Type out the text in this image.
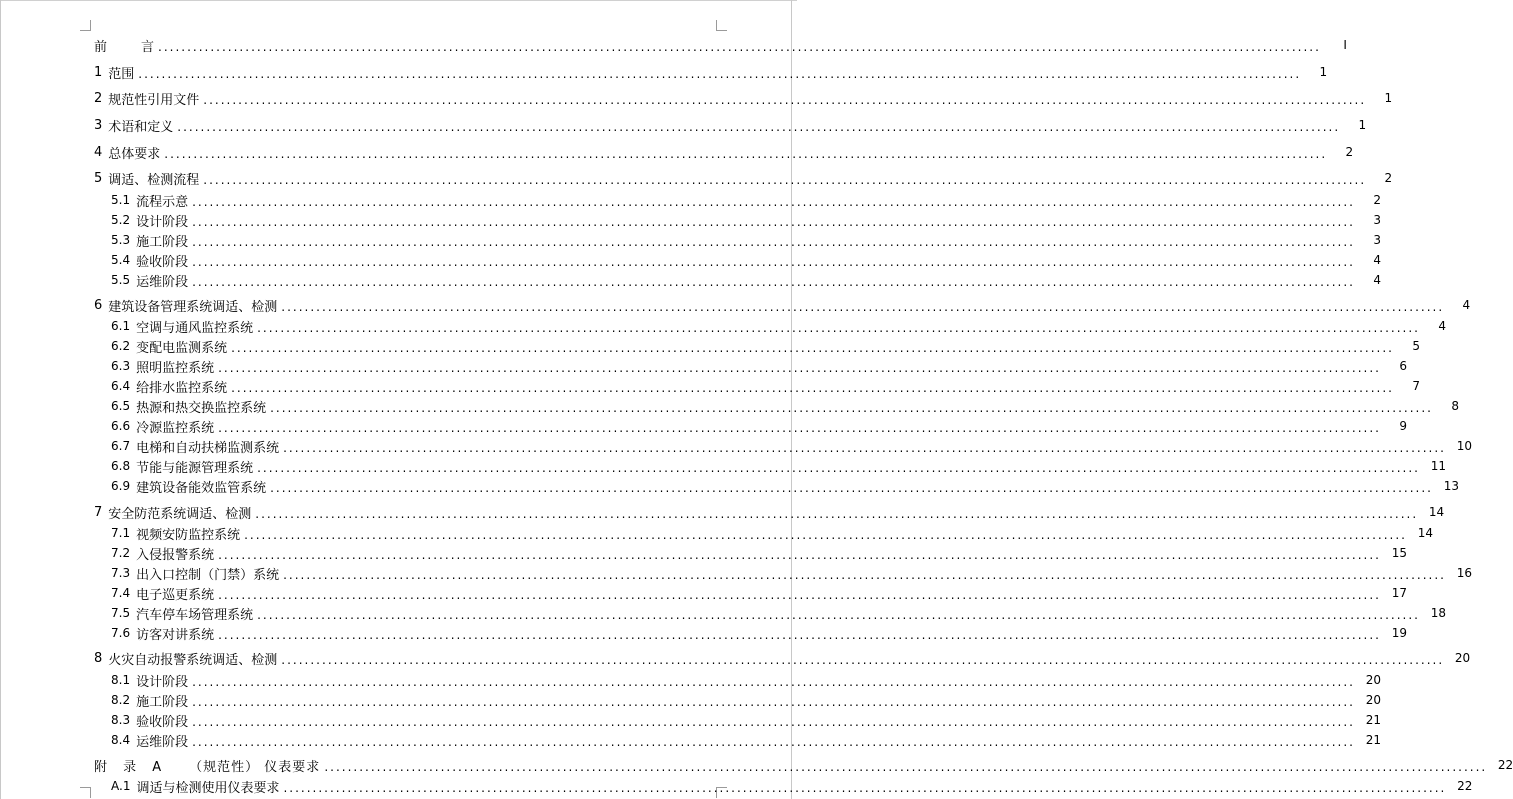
前	言 ........................................................................................................................................................................................................	I
1 范围 ........................................................................................................................................................................................................	1
2 规范性引用文件 ........................................................................................................................................................................................................	1
3 术语和定义 ........................................................................................................................................................................................................	1
4 总体要求 ........................................................................................................................................................................................................	2
5 调适、检测流程 ........................................................................................................................................................................................................	2
5.1 流程示意 ........................................................................................................................................................................................................	2
5.2 设计阶段 ........................................................................................................................................................................................................	3
5.3 施工阶段 ........................................................................................................................................................................................................	3
5.4 验收阶段 ........................................................................................................................................................................................................	4
5.5 运维阶段 ........................................................................................................................................................................................................	4
6 建筑设备管理系统调适、检测 ........................................................................................................................................................................................................	4
6.1 空调与通风监控系统 ........................................................................................................................................................................................................	4
6.2 变配电监测系统 ........................................................................................................................................................................................................	5
6.3 照明监控系统 ........................................................................................................................................................................................................	6
6.4 给排水监控系统 ........................................................................................................................................................................................................	7
6.5 热源和热交换监控系统 ........................................................................................................................................................................................................	8
6.6 冷源监控系统 ........................................................................................................................................................................................................	9
6.7 电梯和自动扶梯监测系统 ........................................................................................................................................................................................................ 10
6.8 节能与能源管理系统 ........................................................................................................................................................................................................ 11
6.9 建筑设备能效监管系统 ........................................................................................................................................................................................................ 13
7 安全防范系统调适、检测 ........................................................................................................................................................................................................ 14
7.1 视频安防监控系统 ........................................................................................................................................................................................................ 14
7.2 入侵报警系统 ........................................................................................................................................................................................................ 15
7.3 出入口控制（门禁）系统 ........................................................................................................................................................................................................ 16
7.4 电子巡更系统 ........................................................................................................................................................................................................ 17
7.5 汽车停车场管理系统 ........................................................................................................................................................................................................ 18
7.6 访客对讲系统 ........................................................................................................................................................................................................ 19
8 火灾自动报警系统调适、检测 ........................................................................................................................................................................................................ 20
8.1 设计阶段 ........................................................................................................................................................................................................ 20
8.2 施工阶段 ........................................................................................................................................................................................................ 20
8.3 验收阶段 ........................................................................................................................................................................................................ 21
8.4 运维阶段 ........................................................................................................................................................................................................ 21
附 录 A （规范性） 仪表要求 ........................................................................................................................................................................................................ 22
A.1 调适与检测使用仪表要求 ........................................................................................................................................................................................................ 22
